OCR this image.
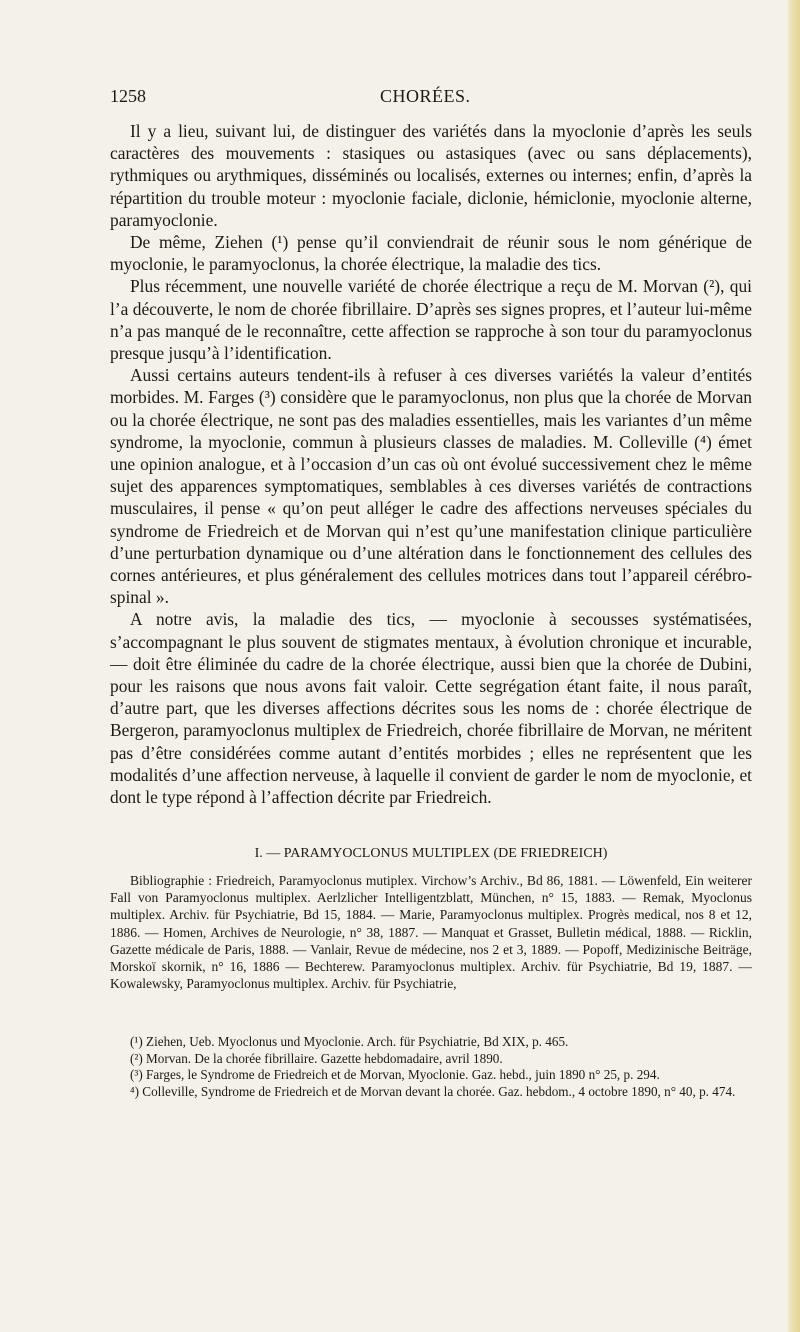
1258	CHORÉES.

Il y a lieu, suivant lui, de distinguer des variétés dans la myoclonie d’après les seuls caractères des mouvements : stasiques ou astasiques (avec ou sans déplacements), rythmiques ou arythmiques, disséminés ou localisés, externes ou internes; enfin, d’après la répartition du trouble moteur : myoclonie faciale, diclonie, hémiclonie, myoclonie alterne, paramyoclonie.

De même, Ziehen (¹) pense qu’il conviendrait de réunir sous le nom générique de myoclonie, le paramyoclonus, la chorée électrique, la maladie des tics.

Plus récemment, une nouvelle variété de chorée électrique a reçu de M. Morvan (²), qui l’a découverte, le nom de chorée fibrillaire. D’après ses signes propres, et l’auteur lui-même n’a pas manqué de le reconnaître, cette affection se rapproche à son tour du paramyoclonus presque jusqu’à l’identification.

Aussi certains auteurs tendent-ils à refuser à ces diverses variétés la valeur d’entités morbides. M. Farges (³) considère que le paramyoclonus, non plus que la chorée de Morvan ou la chorée électrique, ne sont pas des maladies essentielles, mais les variantes d’un même syndrome, la myoclonie, commun à plusieurs classes de maladies. M. Colleville (⁴) émet une opinion analogue, et à l’occasion d’un cas où ont évolué successivement chez le même sujet des apparences symptomatiques, semblables à ces diverses variétés de contractions musculaires, il pense « qu’on peut alléger le cadre des affections nerveuses spéciales du syndrome de Friedreich et de Morvan qui n’est qu’une manifestation clinique particulière d’une perturbation dynamique ou d’une altération dans le fonctionnement des cellules des cornes antérieures, et plus généralement des cellules motrices dans tout l’appareil cérébro-spinal ».

A notre avis, la maladie des tics, — myoclonie à secousses systématisées, s’accompagnant le plus souvent de stigmates mentaux, à évolution chronique et incurable, — doit être éliminée du cadre de la chorée électrique, aussi bien que la chorée de Dubini, pour les raisons que nous avons fait valoir. Cette segrégation étant faite, il nous paraît, d’autre part, que les diverses affections décrites sous les noms de : chorée électrique de Bergeron, paramyoclonus multiplex de Friedreich, chorée fibrillaire de Morvan, ne méritent pas d’être considérées comme autant d’entités morbides ; elles ne représentent que les modalités d’une affection nerveuse, à laquelle il convient de garder le nom de myoclonie, et dont le type répond à l’affection décrite par Friedreich.

I. — PARAMYOCLONUS MULTIPLEX (DE FRIEDREICH)

Bibliographie : Friedreich, Paramyoclonus mutiplex. Virchow’s Archiv., Bd 86, 1881. — Löwenfeld, Ein weiterer Fall von Paramyoclonus multiplex. Aerlzlicher Intelligentzblatt, München, n° 15, 1883. — Remak, Myoclonus multiplex. Archiv. für Psychiatrie, Bd 15, 1884. — Marie, Paramyoclonus multiplex. Progrès medical, nos 8 et 12, 1886. — Homen, Archives de Neurologie, n° 38, 1887. — Manquat et Grasset, Bulletin médical, 1888. — Ricklin, Gazette médicale de Paris, 1888. — Vanlair, Revue de médecine, nos 2 et 3, 1889. — Popoff, Medizinische Beiträge, Morskoï skornik, n° 16, 1886 — Bechterew. Paramyoclonus multiplex. Archiv. für Psychiatrie, Bd 19, 1887. — Kowalewsky, Paramyoclonus multiplex. Archiv. für Psychiatrie,

(¹) Ziehen, Ueb. Myoclonus und Myoclonie. Arch. für Psychiatrie, Bd XIX, p. 465.

(²) Morvan. De la chorée fibrillaire. Gazette hebdomadaire, avril 1890.

(³) Farges, le Syndrome de Friedreich et de Morvan, Myoclonie. Gaz. hebd., juin 1890 n° 25, p. 294.

⁴) Colleville, Syndrome de Friedreich et de Morvan devant la chorée. Gaz. hebdom., 4 octobre 1890, n° 40, p. 474.
